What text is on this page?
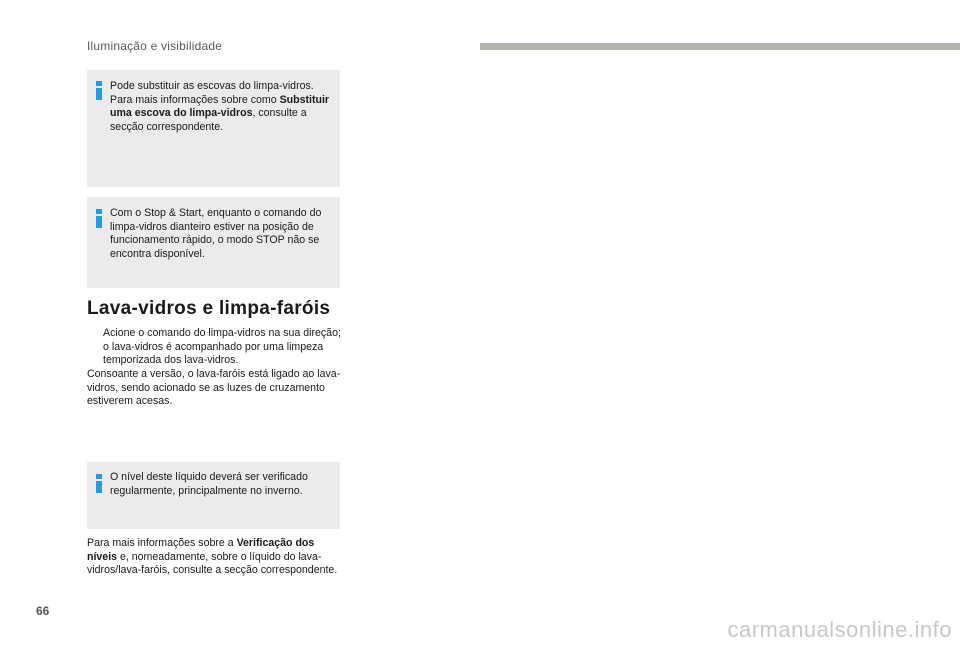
Iluminação e visibilidade
Pode substituir as escovas do limpa-vidros. Para mais informações sobre como Substituir uma escova do limpa-vidros, consulte a secção correspondente.
Com o Stop & Start, enquanto o comando do limpa-vidros dianteiro estiver na posição de funcionamento rápido, o modo STOP não se encontra disponível.
Lava-vidros e limpa-faróis
Acione o comando do limpa-vidros na sua direção; o lava-vidros é acompanhado por uma limpeza temporizada dos lava-vidros.
Consoante a versão, o lava-faróis está ligado ao lava-vidros, sendo acionado se as luzes de cruzamento estiverem acesas.
O nível deste líquido deverá ser verificado regularmente, principalmente no inverno.
Para mais informações sobre a Verificação dos níveis e, nomeadamente, sobre o líquido do lava-vidros/lava-faróis, consulte a secção correspondente.
66
carmanualsonline.info
